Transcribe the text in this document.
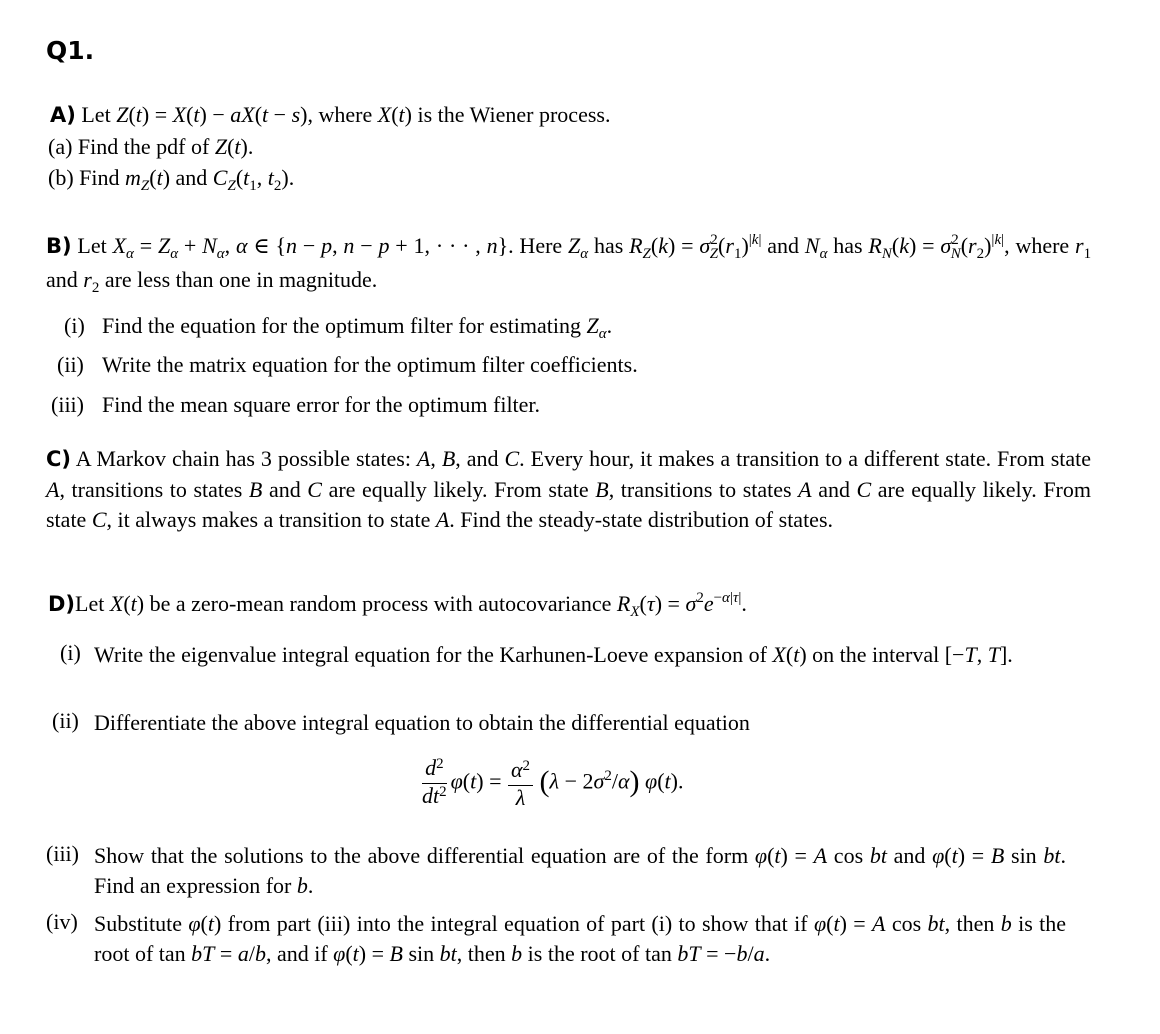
Q1.
A) Let Z(t) = X(t) − aX(t − s), where X(t) is the Wiener process.
(a) Find the pdf of Z(t).
(b) Find $m_Z(t)$ and $C_Z(t_1$, $t_2$).
B) Let $X_\alpha = Z_\alpha + N_\alpha$, α ∈ {n − p, n − p + 1, · · · , n}. Here $Z_\alpha$ has $R_Z(k) = \sigma^2_Z(r_1)^{|k|}$ and $N_\alpha$ has $R_N(k) = \sigma^2_N(r_2)^{|k|}$, where $r_1$ and $r_2$ are less than one in magnitude.
(i) Find the equation for the optimum filter for estimating $Z_\alpha$.
(ii) Write the matrix equation for the optimum filter coefficients.
(iii) Find the mean square error for the optimum filter.
C) A Markov chain has 3 possible states: A, B, and C. Every hour, it makes a transition to a different state. From state A, transitions to states B and C are equally likely. From state B, transitions to states A and C are equally likely. From state C, it always makes a transition to state A. Find the steady-state distribution of states.
D)Let X(t) be a zero-mean random process with autocovariance $R_X(\tau) = \sigma^2e^{-\alpha|\tau|}$.
(i) Write the eigenvalue integral equation for the Karhunen-Loeve expansion of X(t) on the interval [−T, T].
(ii) Differentiate the above integral equation to obtain the differential equation
$\frac{d^2}{dt^2} \varphi(t) = \frac{\alpha^2}{\lambda} (\lambda - 2\sigma^2/\alpha)$ φ(t).
(iii) Show that the solutions to the above differential equation are of the form φ(t) = A cos bt and φ(t) = B sin bt. Find an expression for b.
(iv) Substitute φ(t) from part (iii) into the integral equation of part (i) to show that if φ(t) = A cos bt, then b is the root of tan bT = a/b, and if φ(t) = B sin bt, then b is the root of tan bT = −b/a.
